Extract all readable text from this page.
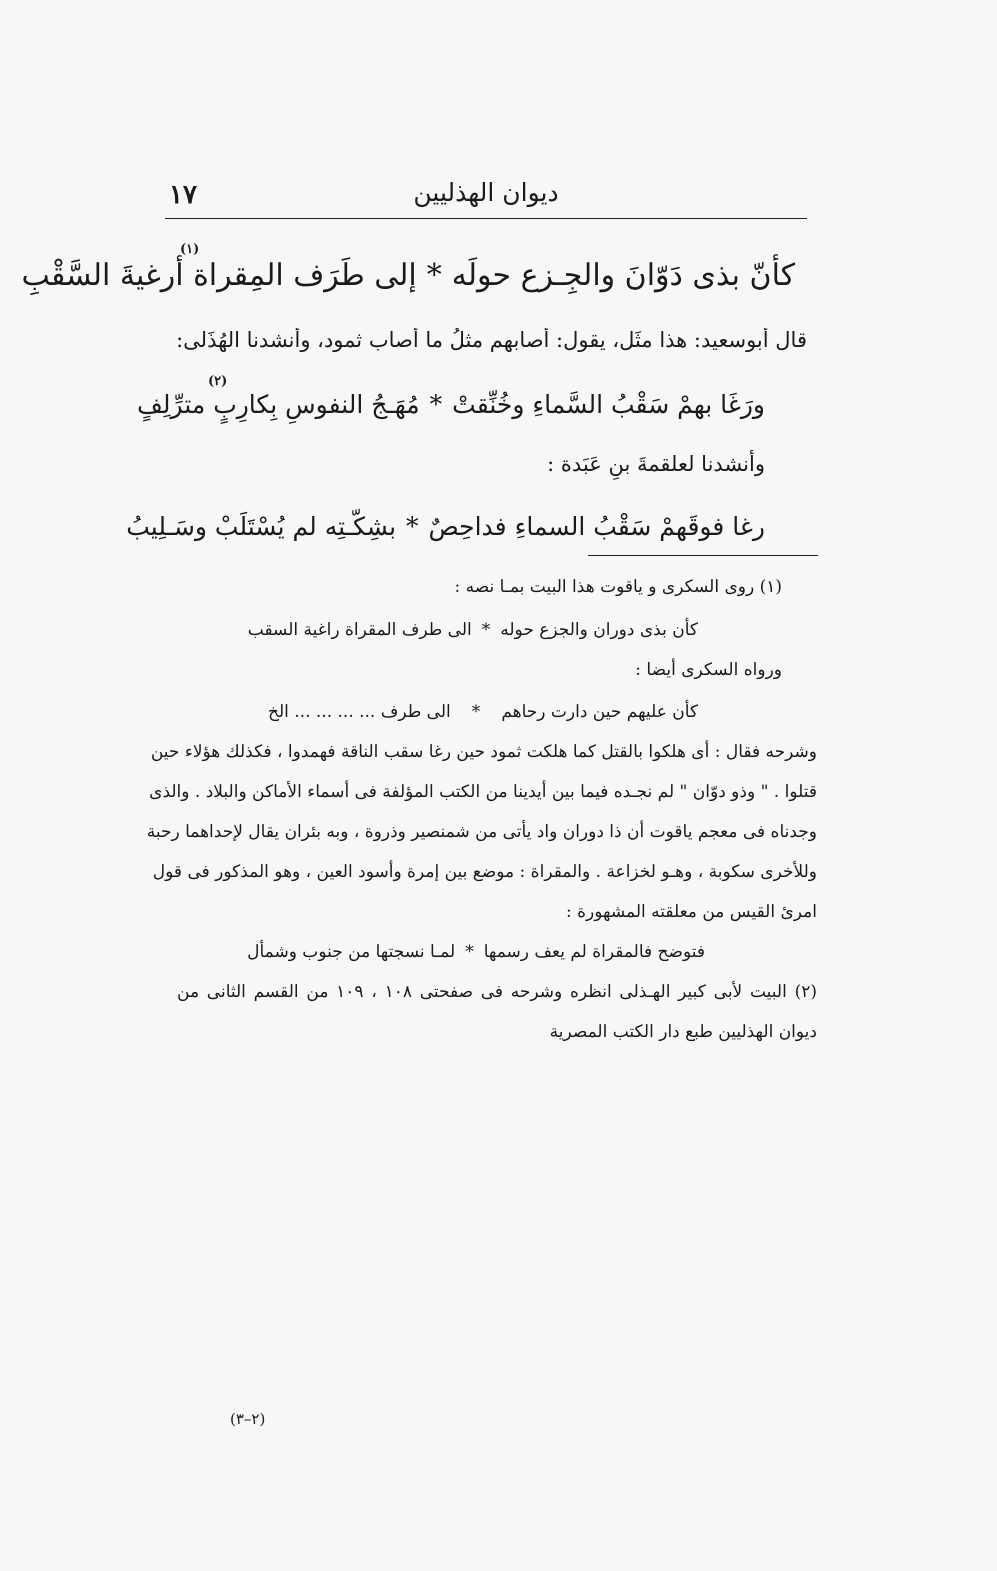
ديوان الهذليين
١٧
كأنّ بذى دَوّانَ والجِـزع حولَه
*
إلى طَرَف المِقراة أرغيةَ السَّقْبِ
(١)
قال أبوسعيد: هذا مثَل، يقول: أصابهم مثلُ ما أصاب ثمود، وأنشدنا الهُذَلى:
ورَغَا بهمْ سَقْبُ السَّماءِ وخُنِّقتْ
*
مُهَـجُ النفوسِ بِكارِبٍ مترِّلِفٍ
(٢)
وأنشدنا لعلقمةَ بنِ عَبَدة :
رغا فوقَهمْ سَقْبُ السماءِ فداحِصٌ
*
بشِكّـتِه لم يُسْتَلَبْ وسَـلِيبُ
(١) روى السكرى و ياقوت هذا البيت بمـا نصه :
كأن بذى دوران والجزع حوله
*
الى طرف المقراة راغية السقب
ورواه السكرى أيضا :
كأن عليهم حين دارت رحاهم
*
الى طرف ... ... ... ... الخ
وشرحه فقال : أى هلكوا بالقتل كما هلكت ثمود حين رغا سقب الناقة فهمدوا ، فكذلك هؤلاء حين
قتلوا . " وذو دوّان " لم نجـده فيما بين أيدينا من الكتب المؤلفة فى أسماء الأماكن والبلاد . والذى
وجدناه فى معجم ياقوت أن ذا دوران واد يأتى من شمنصير وذروة ، وبه بئران يقال لإحداهما رحبة
وللأخرى سكوبة ، وهـو لخزاعة . والمقراة : موضع بين إمرة وأسود العين ، وهو المذكور فى قول
امرئ القيس من معلقته المشهورة :
فتوضح فالمقراة لم يعف رسمها
*
لمـا نسجتها من جنوب وشمأل
(٢) البيت لأبى كبير الهـذلى انظره وشرحه فى صفحتى ١٠٨ ، ١٠٩ من القسم الثانى من
ديوان الهذليين طبع دار الكتب المصرية
(٢–٣)
